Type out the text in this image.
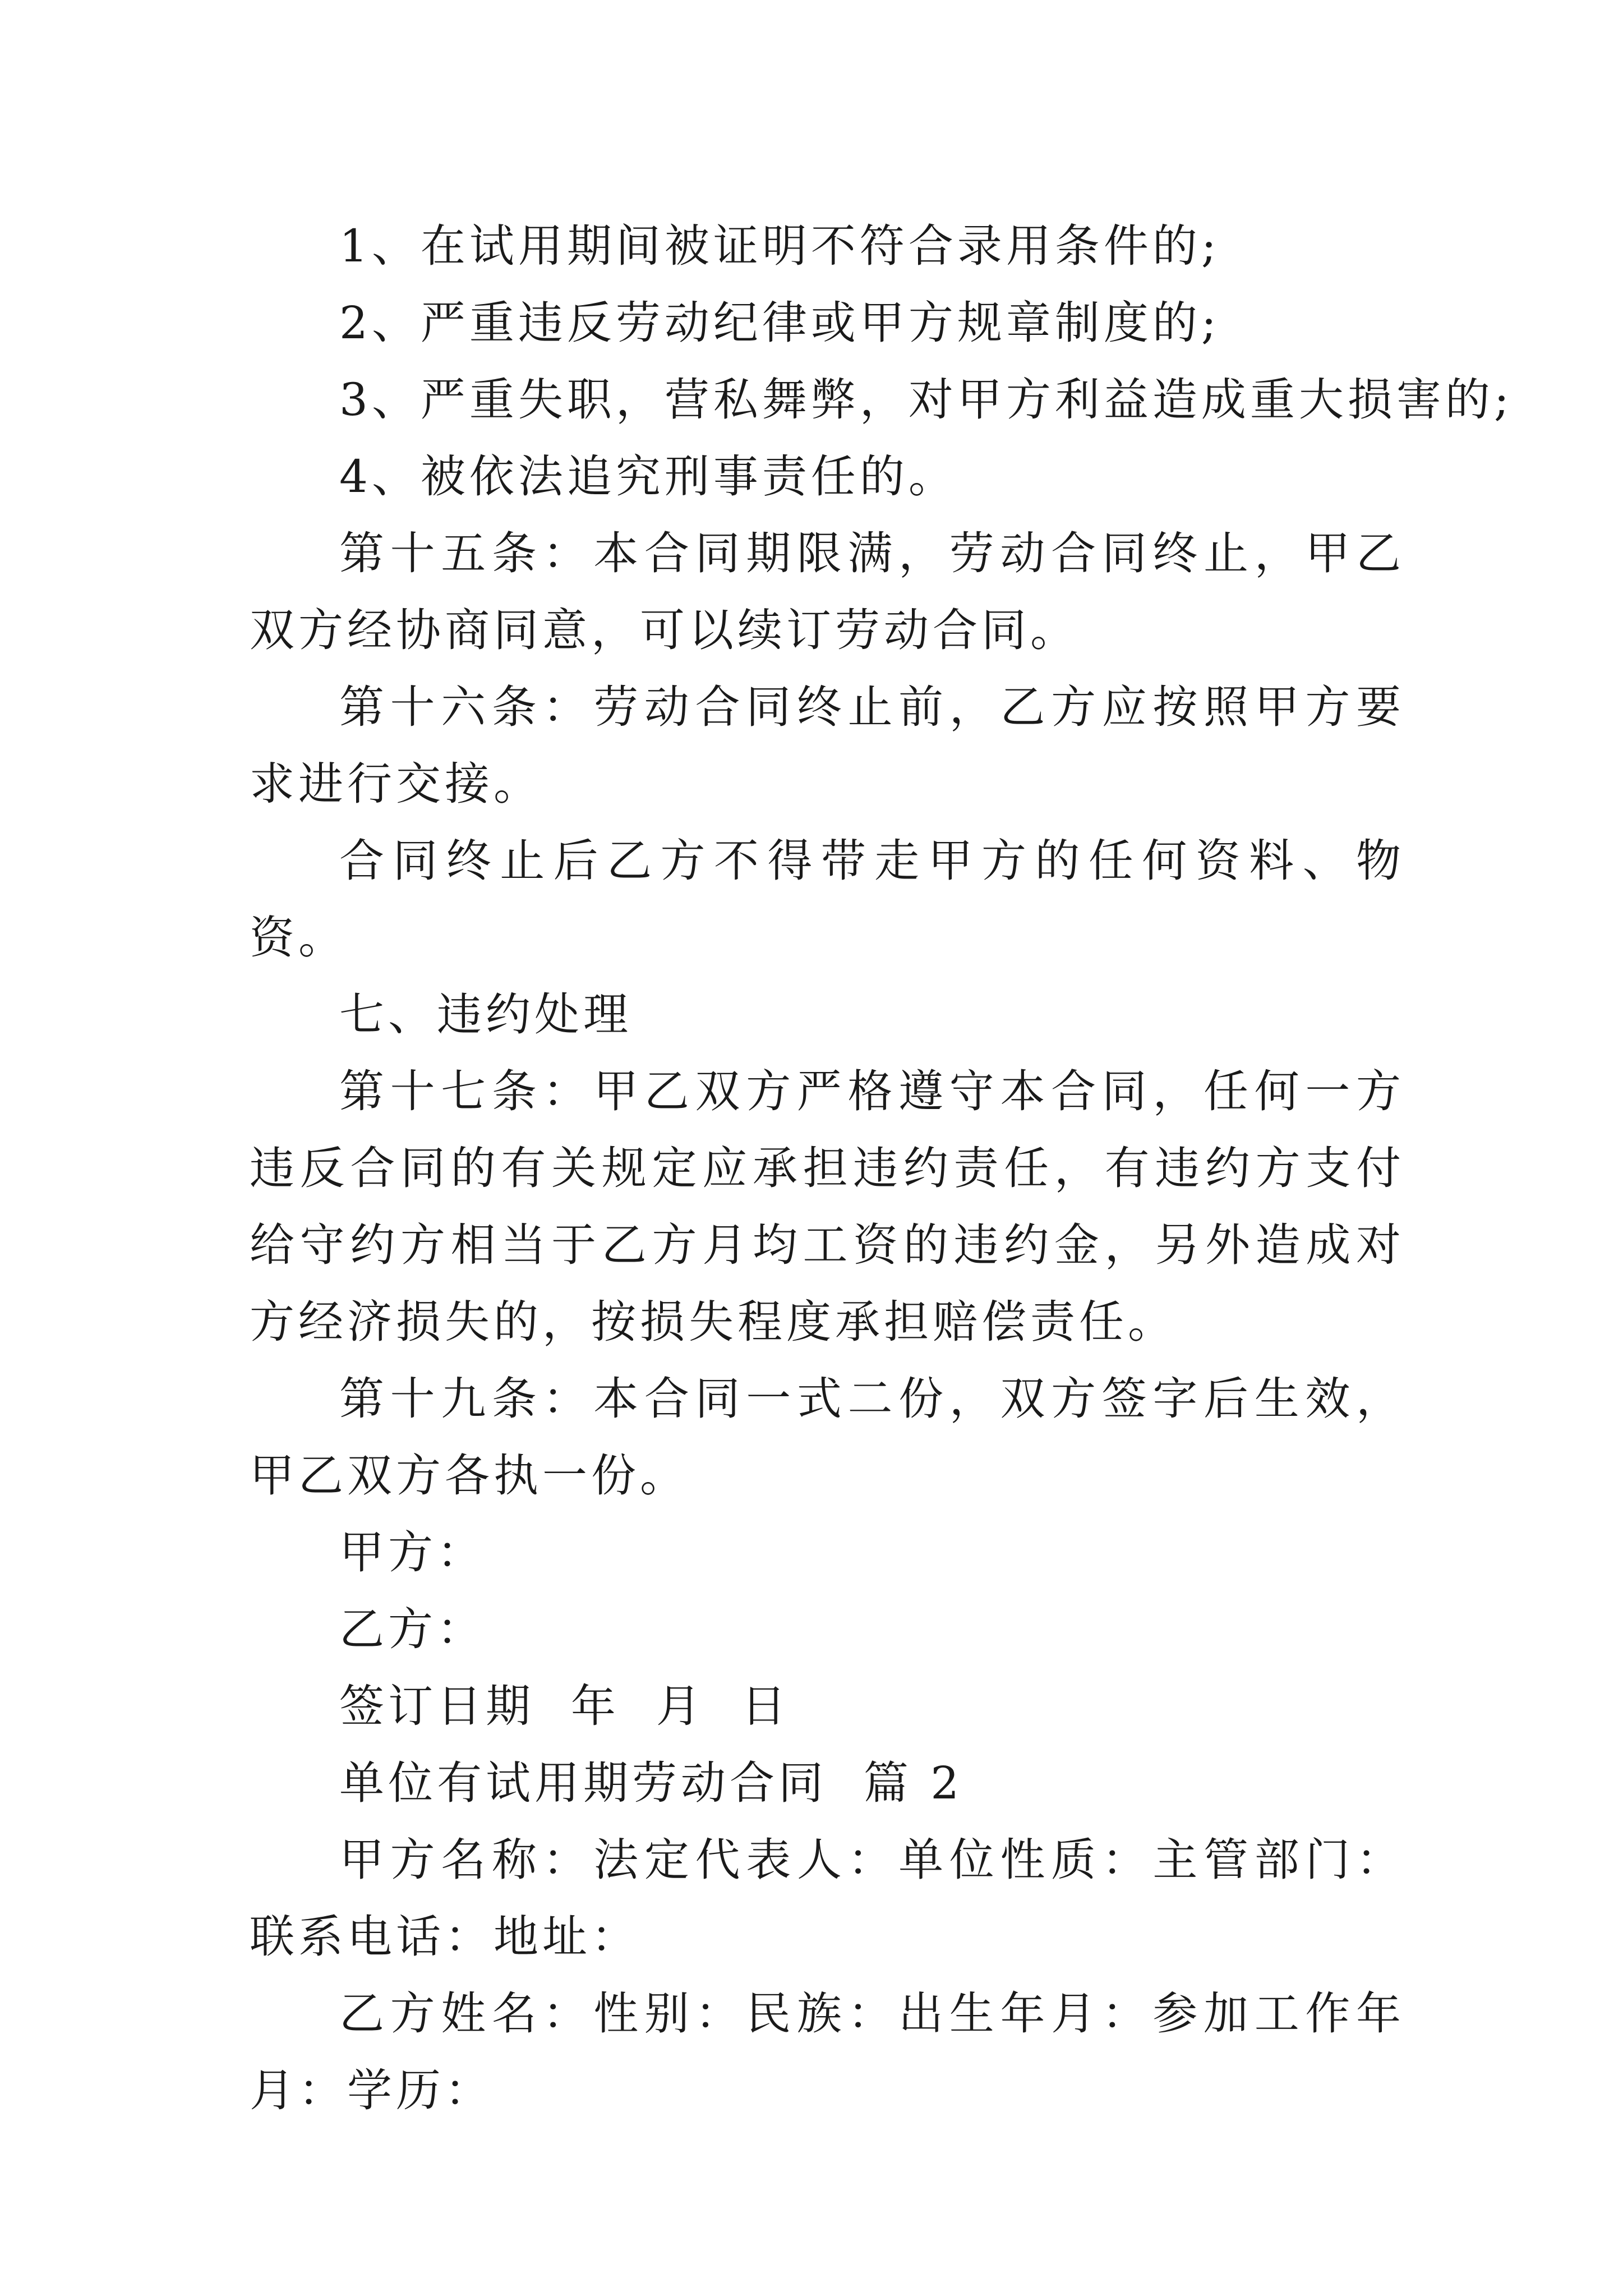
1、在试用期间被证明不符合录用条件的;

2、严重违反劳动纪律或甲方规章制度的;

3、严重失职，营私舞弊，对甲方利益造成重大损害的;

4、被依法追究刑事责任的。

第十五条：本合同期限满，劳动合同终止，甲乙双方经协商同意，可以续订劳动合同。

第十六条：劳动合同终止前，乙方应按照甲方要求进行交接。

合同终止后乙方不得带走甲方的任何资料、物资。

七、违约处理

第十七条：甲乙双方严格遵守本合同，任何一方违反合同的有关规定应承担违约责任，有违约方支付给守约方相当于乙方月均工资的违约金，另外造成对方经济损失的，按损失程度承担赔偿责任。

第十九条：本合同一式二份，双方签字后生效，甲乙双方各执一份。

甲方：

乙方：

签订日期  年  月  日

单位有试用期劳动合同  篇 2

甲方名称：法定代表人：单位性质：主管部门：联系电话：地址：

乙方姓名：性别：民族：出生年月：参加工作年月：学历：
